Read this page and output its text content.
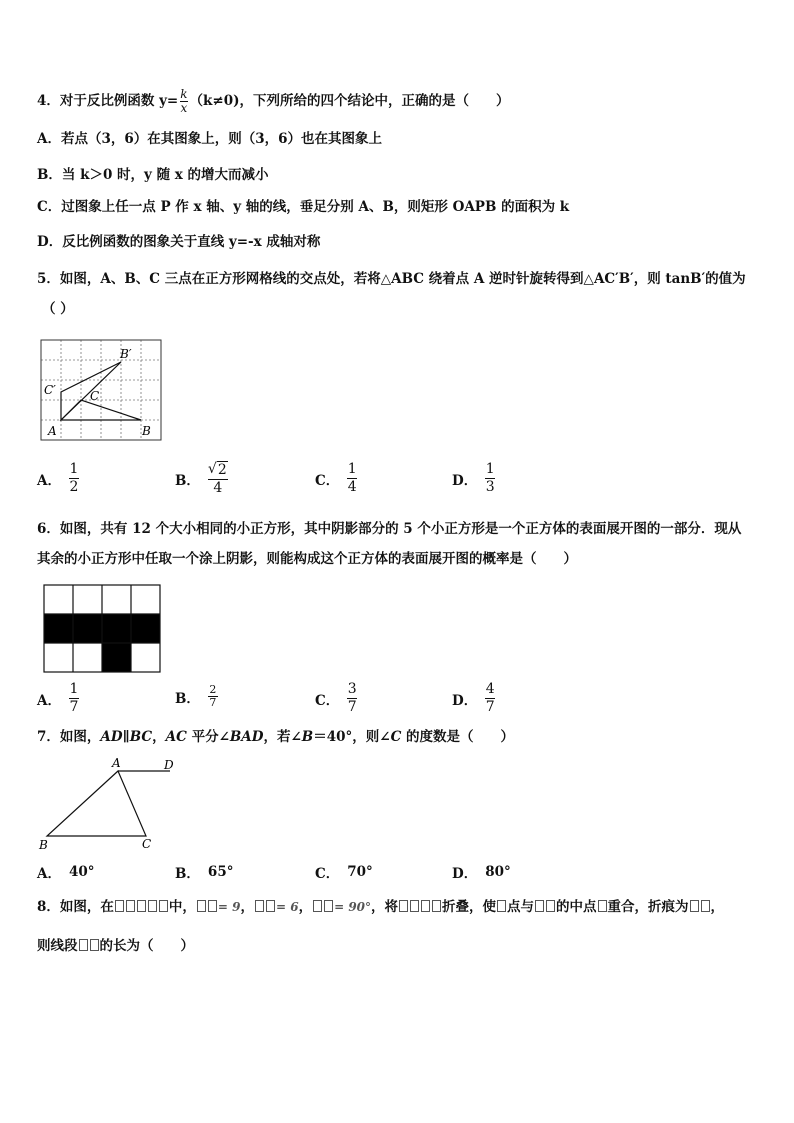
4．对于反比例函数 $y= \frac{k}{x} (k\ne 0)$，下列所给的四个结论中，正确的是（　　）
A．若点（3，6）在其图象上，则（3，6）也在其图象上
B．当 k＞0 时，y 随 x 的增大而减小
C．过图象上任一点 P 作 x 轴、y 轴的线，垂足分别 A、B，则矩形 OAPB 的面积为 k
D．反比例函数的图象关于直线 y=-x 成轴对称
5．如图，A、B、C 三点在正方形网格线的交点处，若将△ABC 绕着点 A 逆时针旋转得到△AC′B′，则 tanB′的值为
（ ）
A	B
C
B′
C′
A．
1
2	B．
√ 2
4	C．
1
4	D．
1
3
6．如图，共有 12 个大小相同的小正方形，其中阴影部分的 5 个小正方形是一个正方体的表面展开图的一部分．现从
其余的小正方形中任取一个涂上阴影，则能构成这个正方体的表面展开图的概率是（　　）
A．
1
7
B．
2
7	C．
3
7	D．
4
7
7．如图，AD∥BC，AC 平分∠BAD，若∠B＝40°，则∠C 的度数是（　　）
A	D
B	C
A． 40°	B． 65°	C． 70°	D． 80°
8．如图，在	中， = 9， = 6， = 90°，将	折叠，使 点与 的中点 重合，折痕为 ，
则线段 的长为（　　）
